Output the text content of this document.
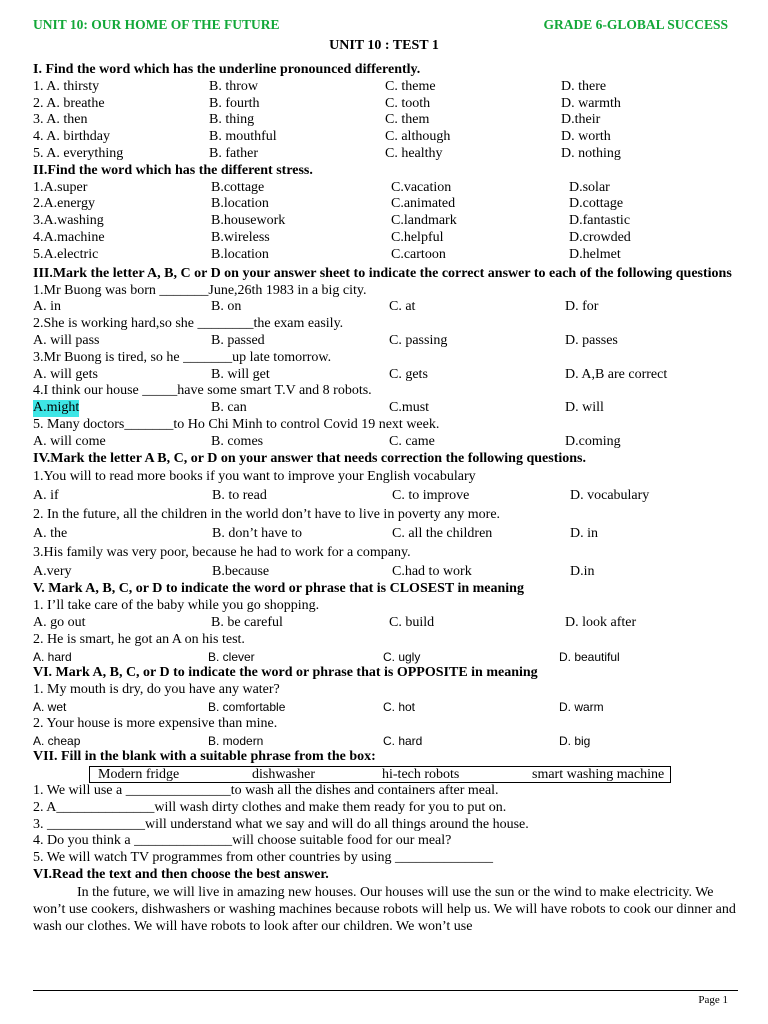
UNIT 10: OUR HOME OF THE FUTURE	GRADE 6-GLOBAL SUCCESS
UNIT 10 : TEST 1
I. Find the word which has the underline pronounced differently.
1. A. thirsty	B. throw	C. theme	D. there
2. A. breathe	B. fourth	C. tooth	D. warmth
3. A. then	B. thing	C. them	D.their
4. A. birthday	B. mouthful	C. although	D. worth
5. A. everything	B. father	C. healthy	D. nothing
II.Find the word which has the different stress.
1.A.super	B.cottage	C.vacation	D.solar
2.A.energy	B.location	C.animated	D.cottage
3.A.washing	B.housework	C.landmark	D.fantastic
4.A.machine	B.wireless	C.helpful	D.crowded
5.A.electric	B.location	C.cartoon	D.helmet
III.Mark the letter A, B, C or D on your answer sheet to indicate the correct answer to each of the following questions
1.Mr Buong was born _______June,26th 1983 in a big city.
A. in	B. on	C. at	D. for
2.She is working hard,so she ________the exam easily.
A. will pass	B. passed	C. passing	D. passes
3.Mr Buong is tired, so he _______up late tomorrow.
A. will gets	B. will get	C. gets	D. A,B are correct
4.I think our house _____have some smart T.V and 8 robots.
A.might	B. can	C.must	D. will
5. Many doctors_______to Ho Chi Minh to control Covid 19 next week.
A. will come	B. comes	C. came	D.coming
IV.Mark the letter A B, C, or D on your answer that needs correction the following questions.
1.You will to read more books if you want to improve your English vocabulary
A. if	B. to read	C. to improve	D. vocabulary
2. In the future, all the children in the world don’t have to live in poverty any more.
A. the	B. don’t have to	C. all the children	D. in
3.His family was very poor, because he had to work for a company.
A.very	B.because	C.had to work	D.in
V. Mark A, B, C, or D to indicate the word or phrase that is CLOSEST in meaning
1. I’ll take care of the baby while you go shopping.
A. go out	B. be careful	C. build	D. look after
2. He is smart, he got an A on his test.
A. hard	B. clever	C. ugly	D. beautiful
VI. Mark A, B, C, or D to indicate the word or phrase that is OPPOSITE in meaning
1. My mouth is dry, do you have any water?
A. wet	B. comfortable	C. hot	D. warm
2. Your house is more expensive than mine.
A. cheap	B. modern	C. hard	D. big
VII. Fill in the blank with a suitable phrase from the box:
Modern fridge	dishwasher	hi-tech robots	smart washing machine
1. We will use a _______________to wash all the dishes and containers after meal.
2. A______________will wash dirty clothes and make them ready for you to put on.
3. ______________will understand what we say and will do all things around the house.
4. Do you think a ______________will choose suitable food for our meal?
5. We will watch TV programmes from other countries by using ______________
VI.Read the text and then choose the best answer.
In the future, we will live in amazing new houses. Our houses will use the sun or the wind to make electricity. We won’t use cookers, dishwashers or washing machines because robots will help us. We will have robots to cook our dinner and wash our clothes. We will have robots to look after our children. We won’t use
Page 1
